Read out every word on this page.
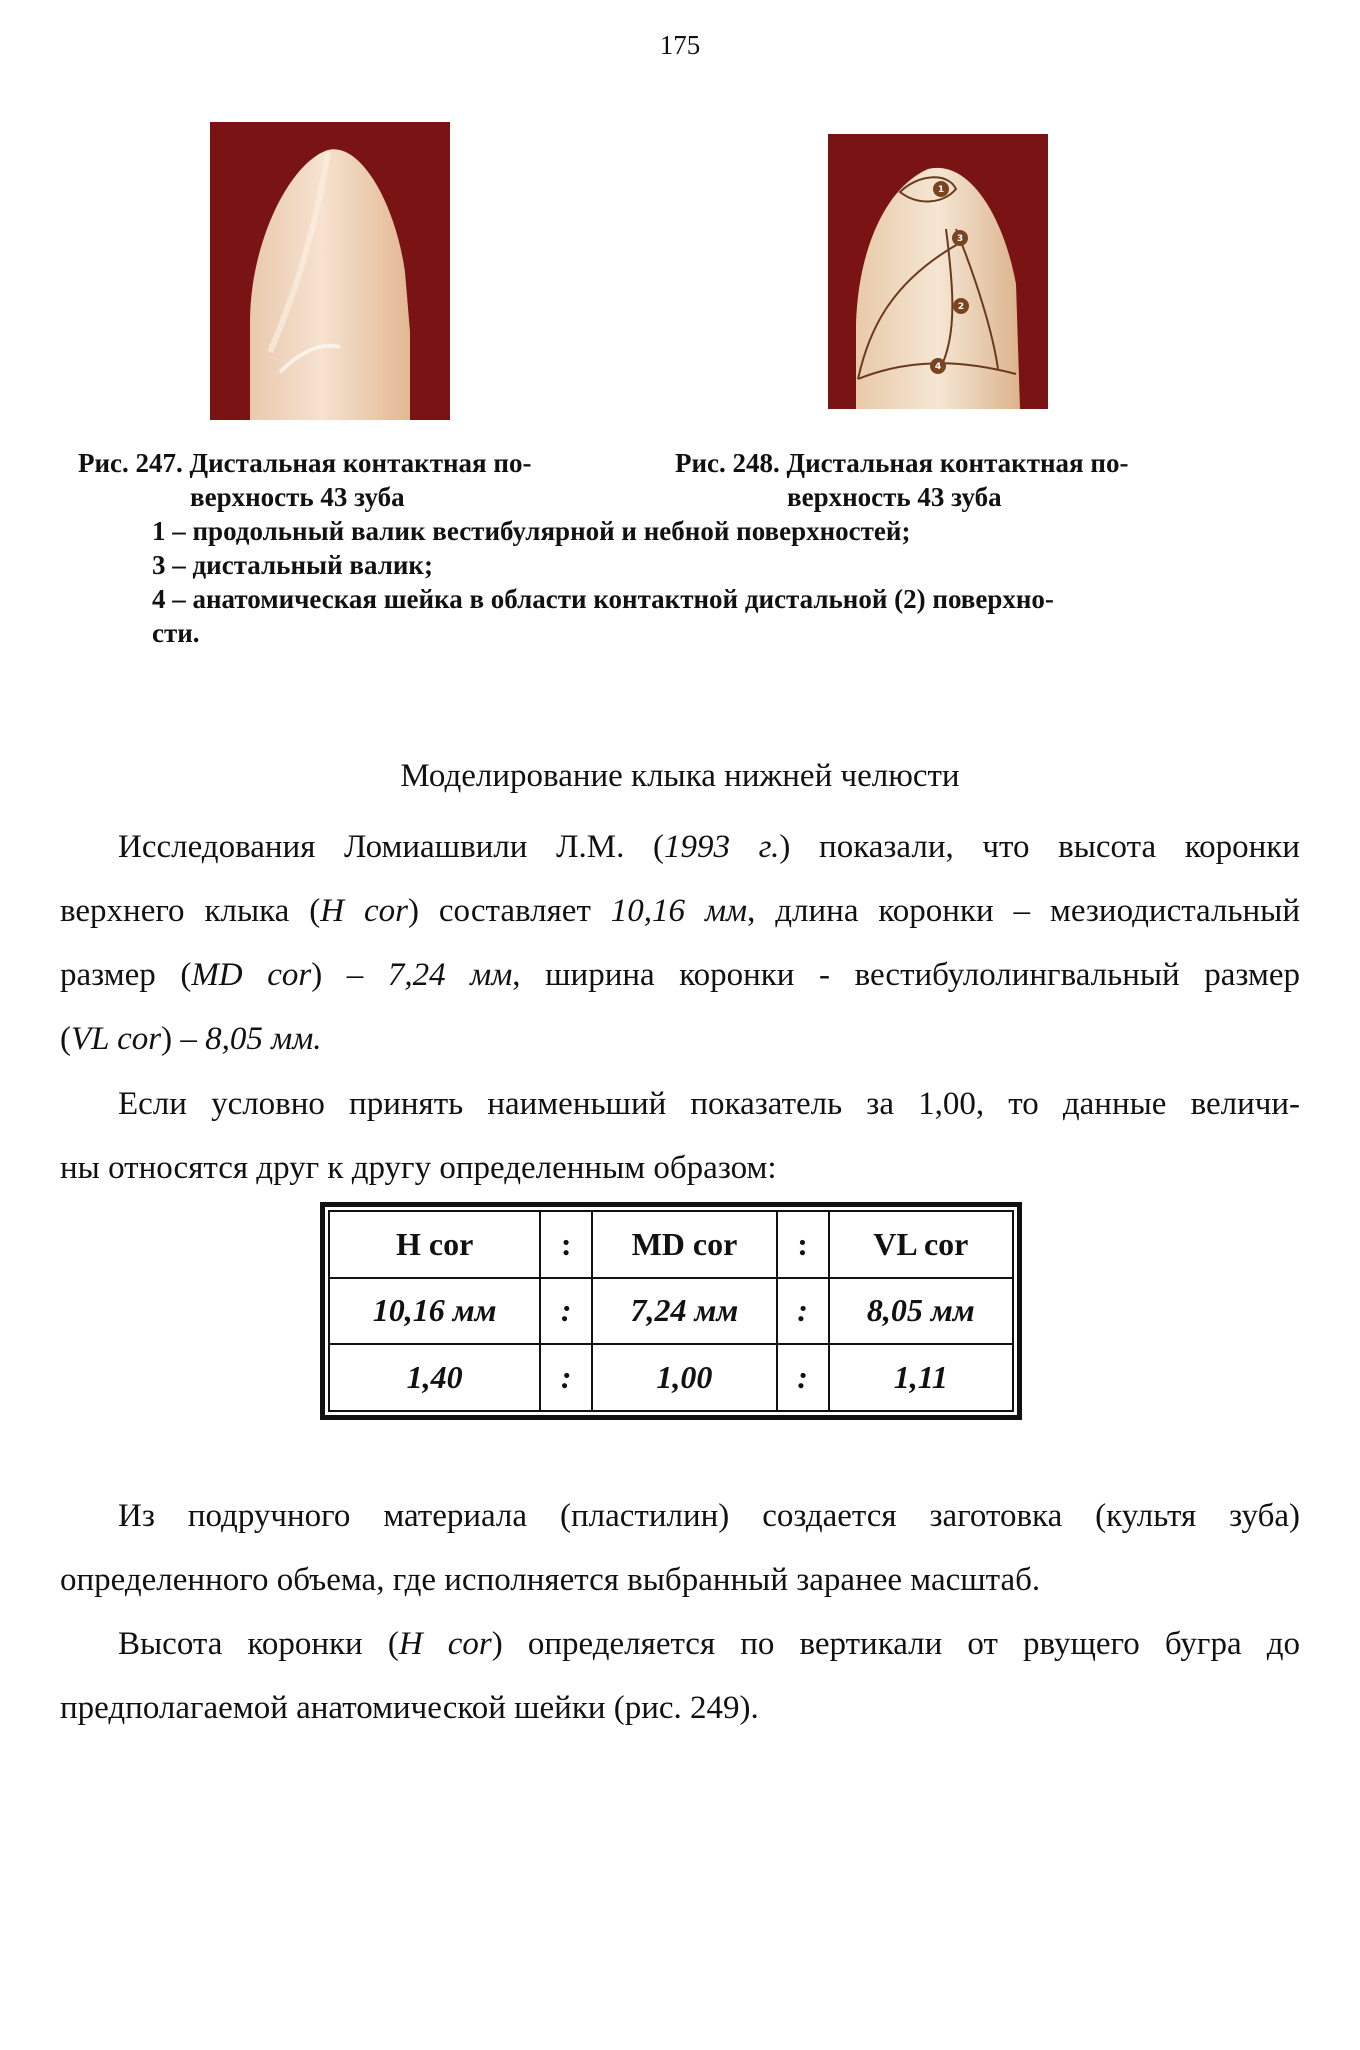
175
1
3
2
4
Рис. 247. Дистальная контактная по-
верхность 43 зуба
Рис. 248. Дистальная контактная по-
верхность 43 зуба
1 – продольный валик вестибулярной и небной поверхностей;
3 – дистальный валик;
4 – анатомическая шейка в области контактной дистальной (2) поверхно-
сти.
Моделирование клыка нижней челюсти
Исследования Ломиашвили Л.М. (1993 г.) показали, что высота коронки
верхнего клыка (H cor) составляет 10,16 мм, длина коронки – мезиодистальный
размер (MD cor) – 7,24 мм, ширина коронки - вестибулолингвальный размер
(VL cor) – 8,05 мм.
Если условно принять наименьший показатель за 1,00, то данные величи-
ны относятся друг к другу определенным образом:
H cor	:	MD cor	:	VL cor
10,16 мм	:	7,24 мм	:	8,05 мм
1,40	:	1,00	:	1,11
Из подручного материала (пластилин) создается заготовка (культя зуба)
определенного объема, где исполняется выбранный заранее масштаб.
Высота коронки (H cor) определяется по вертикали от рвущего бугра до
предполагаемой анатомической шейки (рис. 249).
